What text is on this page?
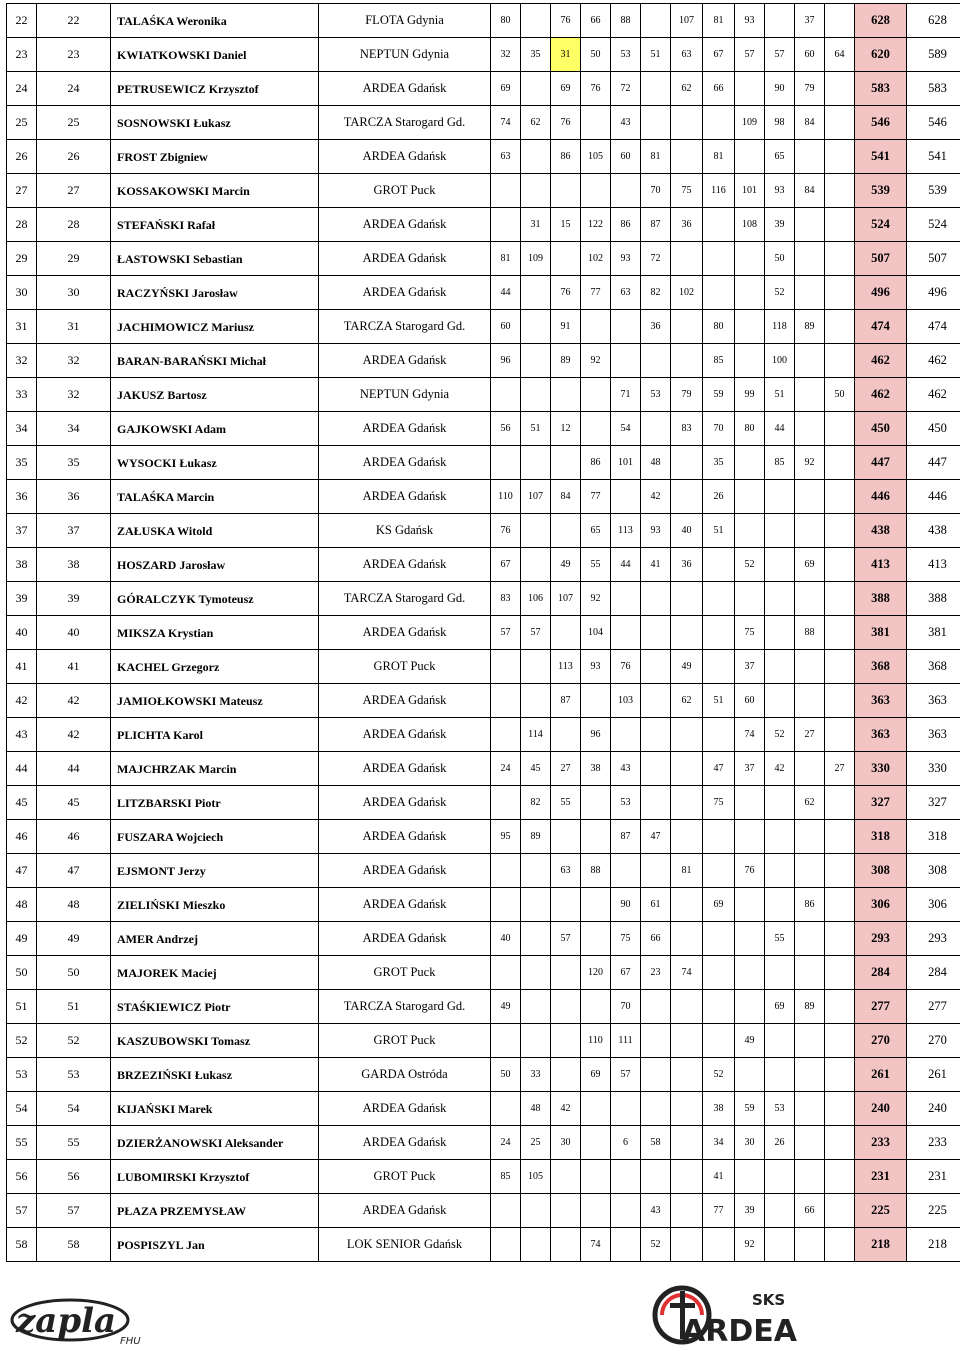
22	22	TALAŚKA Weronika	FLOTA Gdynia	80		76	66	88		107	81	93		37		628	628
23	23	KWIATKOWSKI Daniel	NEPTUN Gdynia	32	35	31	50	53	51	63	67	57	57	60	64	620	589
24	24	PETRUSEWICZ Krzysztof	ARDEA Gdańsk	69		69	76	72		62	66		90	79		583	583
25	25	SOSNOWSKI Łukasz	TARCZA Starogard Gd.	74	62	76		43				109	98	84		546	546
26	26	FROST Zbigniew	ARDEA Gdańsk	63		86	105	60	81		81		65			541	541
27	27	KOSSAKOWSKI Marcin	GROT Puck						70	75	116	101	93	84		539	539
28	28	STEFAŃSKI Rafał	ARDEA Gdańsk		31	15	122	86	87	36		108	39			524	524
29	29	ŁASTOWSKI Sebastian	ARDEA Gdańsk	81	109		102	93	72				50			507	507
30	30	RACZYŃSKI Jarosław	ARDEA Gdańsk	44		76	77	63	82	102			52			496	496
31	31	JACHIMOWICZ Mariusz	TARCZA Starogard Gd.	60		91			36		80		118	89		474	474
32	32	BARAN-BARAŃSKI Michał	ARDEA Gdańsk	96		89	92				85		100			462	462
33	32	JAKUSZ Bartosz	NEPTUN Gdynia					71	53	79	59	99	51		50	462	462
34	34	GAJKOWSKI Adam	ARDEA Gdańsk	56	51	12		54		83	70	80	44			450	450
35	35	WYSOCKI Łukasz	ARDEA Gdańsk				86	101	48		35		85	92		447	447
36	36	TALAŚKA Marcin	ARDEA Gdańsk	110	107	84	77		42		26					446	446
37	37	ZAŁUSKA Witold	KS Gdańsk	76			65	113	93	40	51					438	438
38	38	HOSZARD Jarosław	ARDEA Gdańsk	67		49	55	44	41	36		52		69		413	413
39	39	GÓRALCZYK Tymoteusz	TARCZA Starogard Gd.	83	106	107	92									388	388
40	40	MIKSZA Krystian	ARDEA Gdańsk	57	57		104					75		88		381	381
41	41	KACHEL Grzegorz	GROT Puck			113	93	76		49		37				368	368
42	42	JAMIOŁKOWSKI Mateusz	ARDEA Gdańsk			87		103		62	51	60				363	363
43	42	PLICHTA Karol	ARDEA Gdańsk		114		96					74	52	27		363	363
44	44	MAJCHRZAK Marcin	ARDEA Gdańsk	24	45	27	38	43			47	37	42		27	330	330
45	45	LITZBARSKI Piotr	ARDEA Gdańsk		82	55		53			75			62		327	327
46	46	FUSZARA Wojciech	ARDEA Gdańsk	95	89			87	47							318	318
47	47	EJSMONT Jerzy	ARDEA Gdańsk			63	88			81		76				308	308
48	48	ZIELIŃSKI Mieszko	ARDEA Gdańsk					90	61		69			86		306	306
49	49	AMER Andrzej	ARDEA Gdańsk	40		57		75	66				55			293	293
50	50	MAJOREK Maciej	GROT Puck				120	67	23	74						284	284
51	51	STAŚKIEWICZ Piotr	TARCZA Starogard Gd.	49				70					69	89		277	277
52	52	KASZUBOWSKI Tomasz	GROT Puck				110	111				49				270	270
53	53	BRZEZIŃSKI Łukasz	GARDA Ostróda	50	33		69	57			52					261	261
54	54	KIJAŃSKI Marek	ARDEA Gdańsk		48	42					38	59	53			240	240
55	55	DZIERŻANOWSKI Aleksander	ARDEA Gdańsk	24	25	30		6	58		34	30	26			233	233
56	56	LUBOMIRSKI Krzysztof	GROT Puck	85	105						41					231	231
57	57	PŁAZA PRZEMYSŁAW	ARDEA Gdańsk						43		77	39		66		225	225
58	58	POSPISZYL Jan	LOK SENIOR Gdańsk				74		52			92				218	218
zapla
FHU
SKS
ARDEA
